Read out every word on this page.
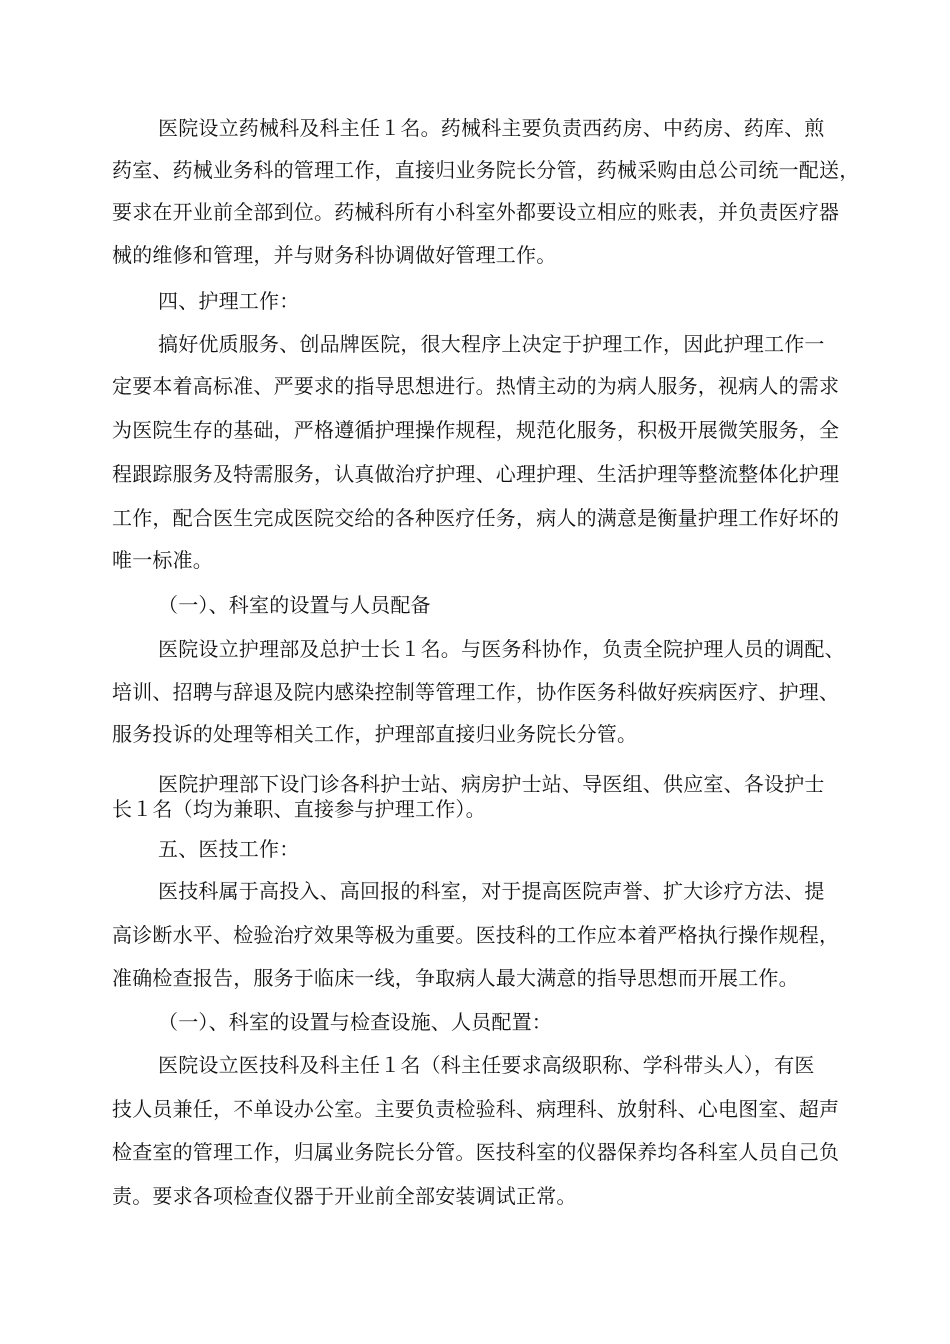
医院设立药械科及科主任１名。药械科主要负责西药房、中药房、药库、煎
药室、药械业务科的管理工作，直接归业务院长分管，药械采购由总公司统一配送，
要求在开业前全部到位。药械科所有小科室外都要设立相应的账表，并负责医疗器
械的维修和管理，并与财务科协调做好管理工作。
四、护理工作：
搞好优质服务、创品牌医院，很大程序上决定于护理工作，因此护理工作一
定要本着高标准、严要求的指导思想进行。热情主动的为病人服务，视病人的需求
为医院生存的基础，严格遵循护理操作规程，规范化服务，积极开展微笑服务，全
程跟踪服务及特需服务，认真做治疗护理、心理护理、生活护理等整流整体化护理
工作，配合医生完成医院交给的各种医疗任务，病人的满意是衡量护理工作好坏的
唯一标准。
（一）、科室的设置与人员配备
医院设立护理部及总护士长１名。与医务科协作，负责全院护理人员的调配、
培训、招聘与辞退及院内感染控制等管理工作，协作医务科做好疾病医疗、护理、
服务投诉的处理等相关工作，护理部直接归业务院长分管。
医院护理部下设门诊各科护士站、病房护士站、导医组、供应室、各设护士
长１名（均为兼职、直接参与护理工作）。
五、医技工作：
医技科属于高投入、高回报的科室，对于提高医院声誉、扩大诊疗方法、提
高诊断水平、检验治疗效果等极为重要。医技科的工作应本着严格执行操作规程，
准确检查报告，服务于临床一线，争取病人最大满意的指导思想而开展工作。
（一）、科室的设置与检查设施、人员配置：
医院设立医技科及科主任１名（科主任要求高级职称、学科带头人），有医
技人员兼任，不单设办公室。主要负责检验科、病理科、放射科、心电图室、超声
检查室的管理工作，归属业务院长分管。医技科室的仪器保养均各科室人员自己负
责。要求各项检查仪器于开业前全部安装调试正常。
